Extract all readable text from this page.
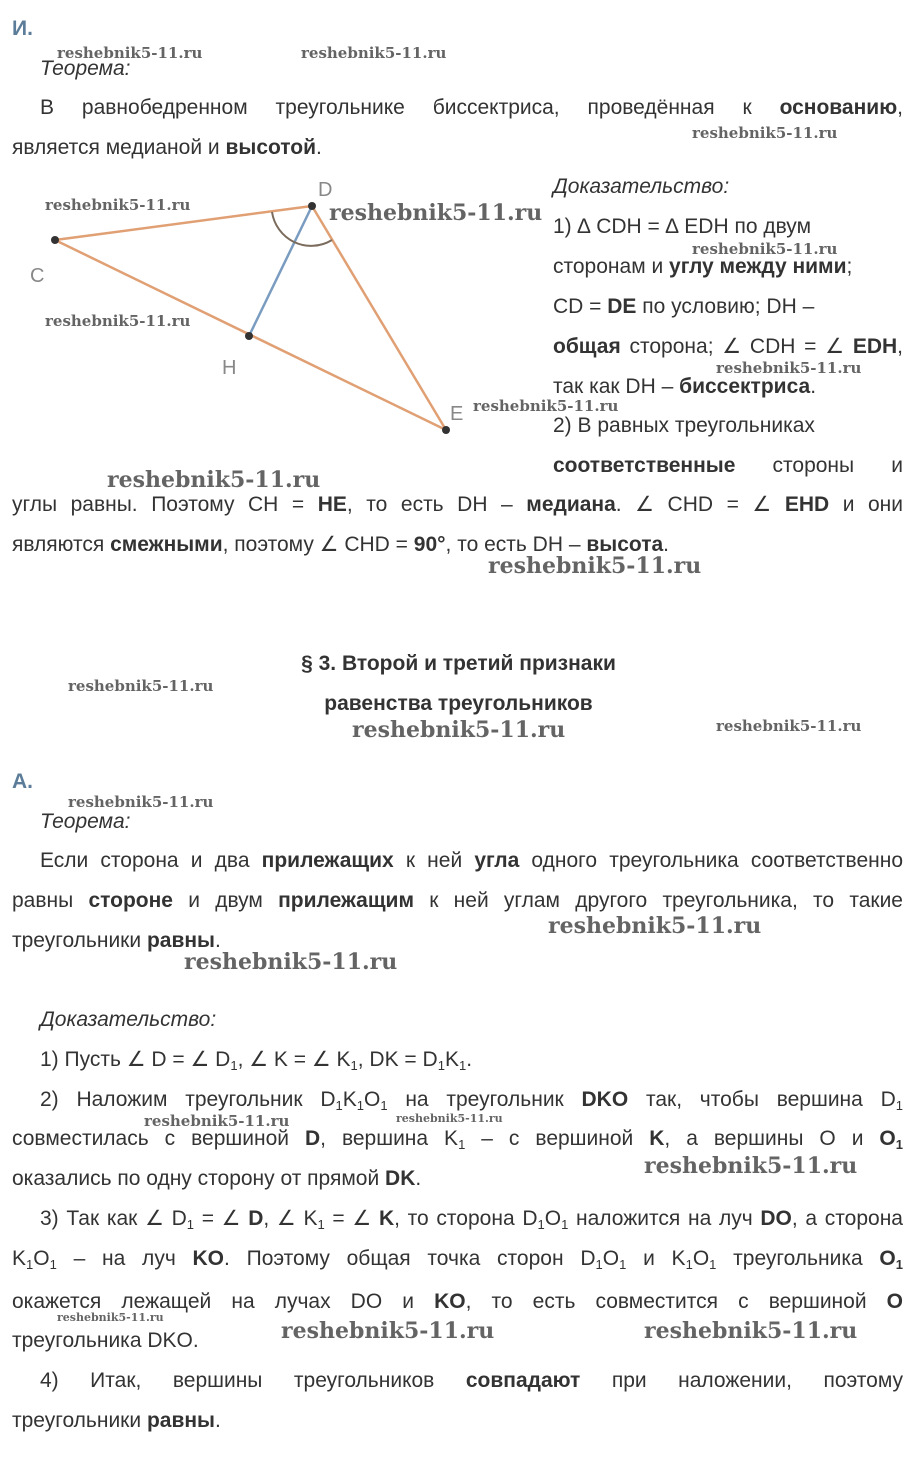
И.
Теорема:
В равнобедренном треугольнике биссектриса, проведённая к основанию,
является медианой и высотой.
C
D
H
E
Доказательство:
1) ∆ CDH = ∆ EDH по двум
сторонам и углу между ними;
CD = DE по условию; DH –
общая сторона; ∠ CDH = ∠ EDH,
так как DH – биссектриса.
2) В равных треугольниках
соответственные стороны и
углы равны. Поэтому CH = HE, то есть DH – медиана. ∠ CHD = ∠ EHD и они
являются смежными, поэтому ∠ CHD = 90°, то есть DH – высота.
§ 3. Второй и третий признаки
равенства треугольников
А.
Теорема:
Если сторона и два прилежащих к ней угла одного треугольника соответственно
равны стороне и двум прилежащим к ней углам другого треугольника, то такие
треугольники равны.
Доказательство:
1) Пусть ∠ D = ∠ $D_1$, ∠ K = ∠ $K_1$, DK = $D_1K_1$.
2) Наложим треугольник $D_1K_1O_1$ на треугольник DKO так, чтобы вершина $D_1$
совместилась с вершиной D, вершина $K_1$ – с вершиной K, а вершины O и $O_1$
оказались по одну сторону от прямой DK.
3) Так как ∠ $D_1$ = ∠ D, ∠ $K_1$ = ∠ K, то сторона $D_1O_1$ наложится на луч DO, а сторона
$K_1O_1$ – на луч KO. Поэтому общая точка сторон $D_1O_1$ и $K_1O_1$ треугольника $O_1$
окажется лежащей на лучах DO и KO, то есть совместится с вершиной O
треугольника DKO.
4) Итак, вершины треугольников совпадают при наложении, поэтому
треугольники равны.
reshebnik5-11.ru	reshebnik5-11.ru
reshebnik5-11.ru
reshebnik5-11.ru	reshebnik5-11.ru
reshebnik5-11.ru
reshebnik5-11.ru
reshebnik5-11.ru
reshebnik5-11.ru
reshebnik5-11.ru
reshebnik5-11.ru
reshebnik5-11.ru
reshebnik5-11.ru
reshebnik5-11.ru
reshebnik5-11.ru
reshebnik5-11.ru
reshebnik5-11.ru
reshebnik5-11.ru	reshebnik5-11.ru
reshebnik5-11.ru
reshebnik5-11.ru
reshebnik5-11.ru	reshebnik5-11.ru
